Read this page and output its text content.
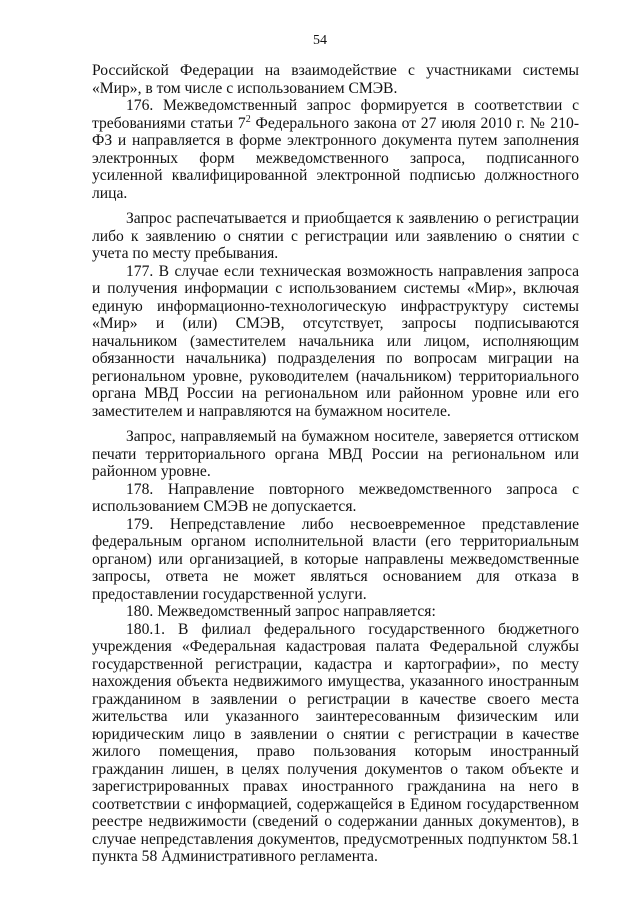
54

Российской Федерации на взаимодействие с участниками системы «Мир», в том числе с использованием СМЭВ.

176. Межведомственный запрос формируется в соответствии с требованиями статьи $7^2$ Федерального закона от 27 июля 2010 г. № 210-ФЗ и направляется в форме электронного документа путем заполнения электронных форм межведомственного запроса, подписанного усиленной квалифицированной электронной подписью должностного лица.

Запрос распечатывается и приобщается к заявлению о регистрации либо к заявлению о снятии с регистрации или заявлению о снятии с учета по месту пребывания.

177. В случае если техническая возможность направления запроса и получения информации с использованием системы «Мир», включая единую информационно-технологическую инфраструктуру системы «Мир» и (или) СМЭВ, отсутствует, запросы подписываются начальником (заместителем начальника или лицом, исполняющим обязанности начальника) подразделения по вопросам миграции на региональном уровне, руководителем (начальником) территориального органа МВД России на региональном или районном уровне или его заместителем и направляются на бумажном носителе.

Запрос, направляемый на бумажном носителе, заверяется оттиском печати территориального органа МВД России на региональном или районном уровне.

178. Направление повторного межведомственного запроса с использованием СМЭВ не допускается.

179. Непредставление либо несвоевременное представление федеральным органом исполнительной власти (его территориальным органом) или организацией, в которые направлены межведомственные запросы, ответа не может являться основанием для отказа в предоставлении государственной услуги.

180. Межведомственный запрос направляется:

180.1. В филиал федерального государственного бюджетного учреждения «Федеральная кадастровая палата Федеральной службы государственной регистрации, кадастра и картографии», по месту нахождения объекта недвижимого имущества, указанного иностранным гражданином в заявлении о регистрации в качестве своего места жительства или указанного заинтересованным физическим или юридическим лицо в заявлении о снятии с регистрации в качестве жилого помещения, право пользования которым иностранный гражданин лишен, в целях получения документов о таком объекте и зарегистрированных правах иностранного гражданина на него в соответствии с информацией, содержащейся в Едином государственном реестре недвижимости (сведений о содержании данных документов), в случае непредставления документов, предусмотренных подпунктом 58.1 пункта 58 Административного регламента.
